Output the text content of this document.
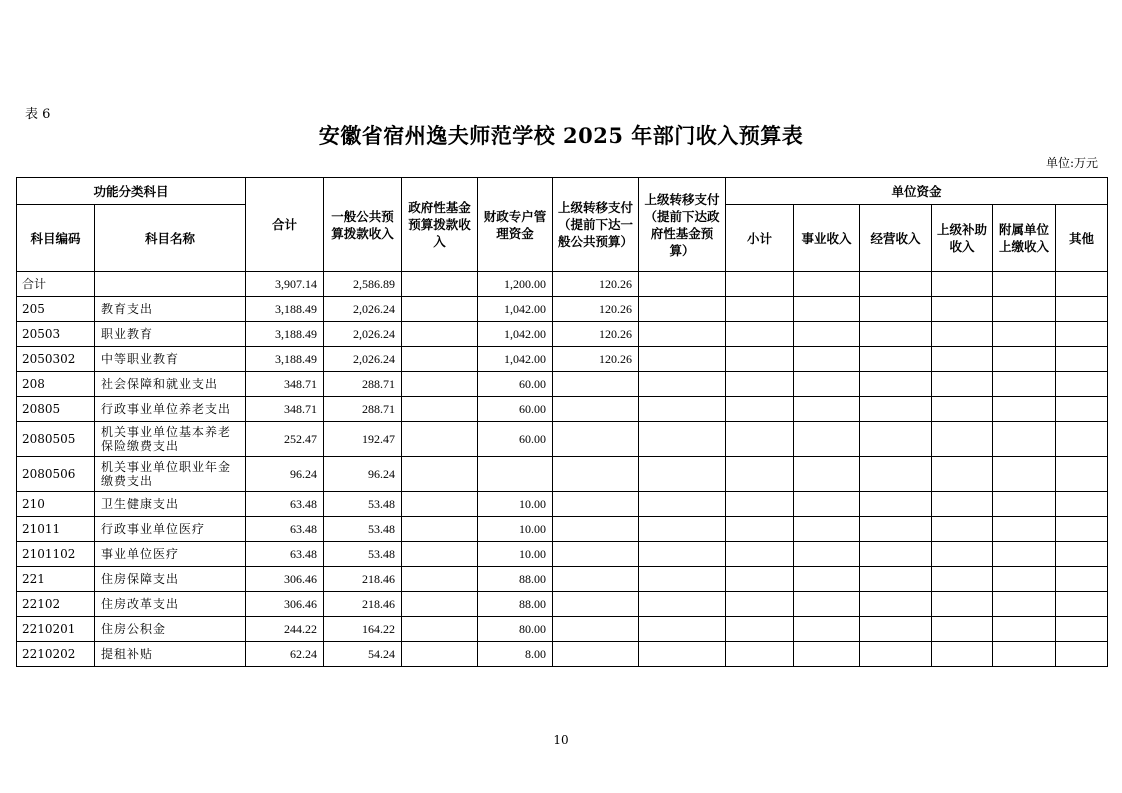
表 6
安徽省宿州逸夫师范学校 2025 年部门收入预算表
单位:万元
功能分类科目		合计	一般公共预算拨款收入	政府性基金预算拨款收入	财政专户管理资金	上级转移支付（提前下达一般公共预算）	上级转移支付（提前下达政府性基金预算）	单位资金					
科目编码	科目名称							小计	事业收入	经营收入	上级补助收入	附属单位上缴收入	其他
合计		3,907.14	2,586.89		1,200.00	120.26							
205	教育支出	3,188.49	2,026.24		1,042.00	120.26							
20503	职业教育	3,188.49	2,026.24		1,042.00	120.26							
2050302	中等职业教育	3,188.49	2,026.24		1,042.00	120.26							
208	社会保障和就业支出	348.71	288.71		60.00								
20805	行政事业单位养老支出	348.71	288.71		60.00								
2080505	机关事业单位基本养老保险缴费支出	252.47	192.47		60.00								
2080506	机关事业单位职业年金缴费支出	96.24	96.24										
210	卫生健康支出	63.48	53.48		10.00								
21011	行政事业单位医疗	63.48	53.48		10.00								
2101102	事业单位医疗	63.48	53.48		10.00								
221	住房保障支出	306.46	218.46		88.00								
22102	住房改革支出	306.46	218.46		88.00								
2210201	住房公积金	244.22	164.22		80.00								
2210202	提租补贴	62.24	54.24		8.00								
10
